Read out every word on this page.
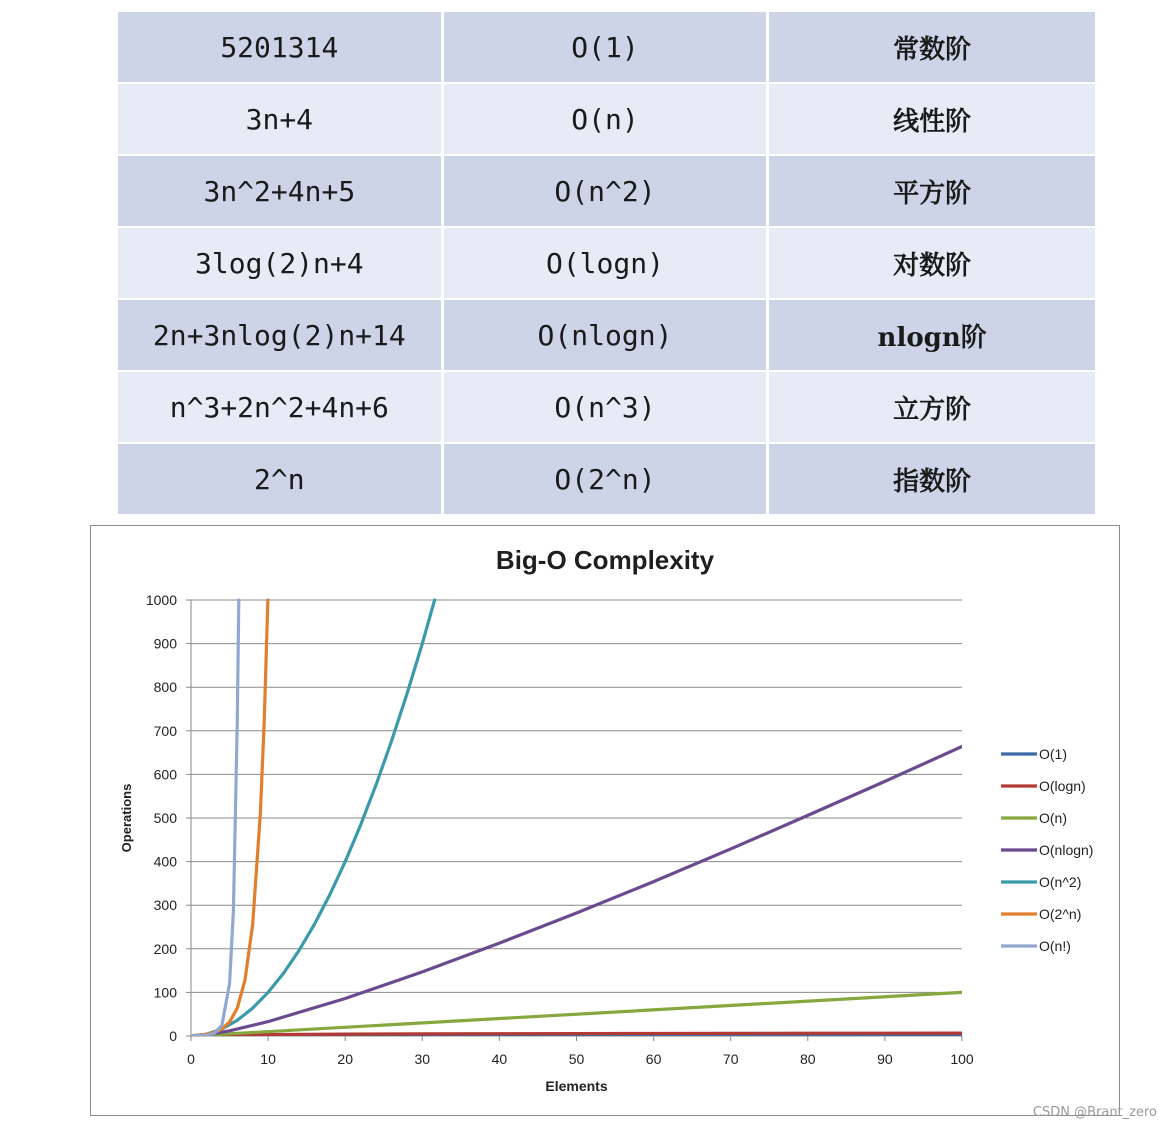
5201314	O(1)	常数阶
3n+4	O(n)	线性阶
3n^2+4n+5	O(n^2)	平方阶
3log(2)n+4	O(logn)	对数阶
2n+3nlog(2)n+14	O(nlogn)	nlogn阶
n^3+2n^2+4n+6	O(n^3)	立方阶
2^n	O(2^n)	指数阶
Big-O Complexity
0
100
200
300
400
500
600
700
800
900
1000
0	10	20	30	40	50	60	70	80	90	100
Elements
Operations
O(1)
O(logn)
O(n)
O(nlogn)
O(n^2)
O(2^n)
O(n!)
CSDN @Brant_zero
